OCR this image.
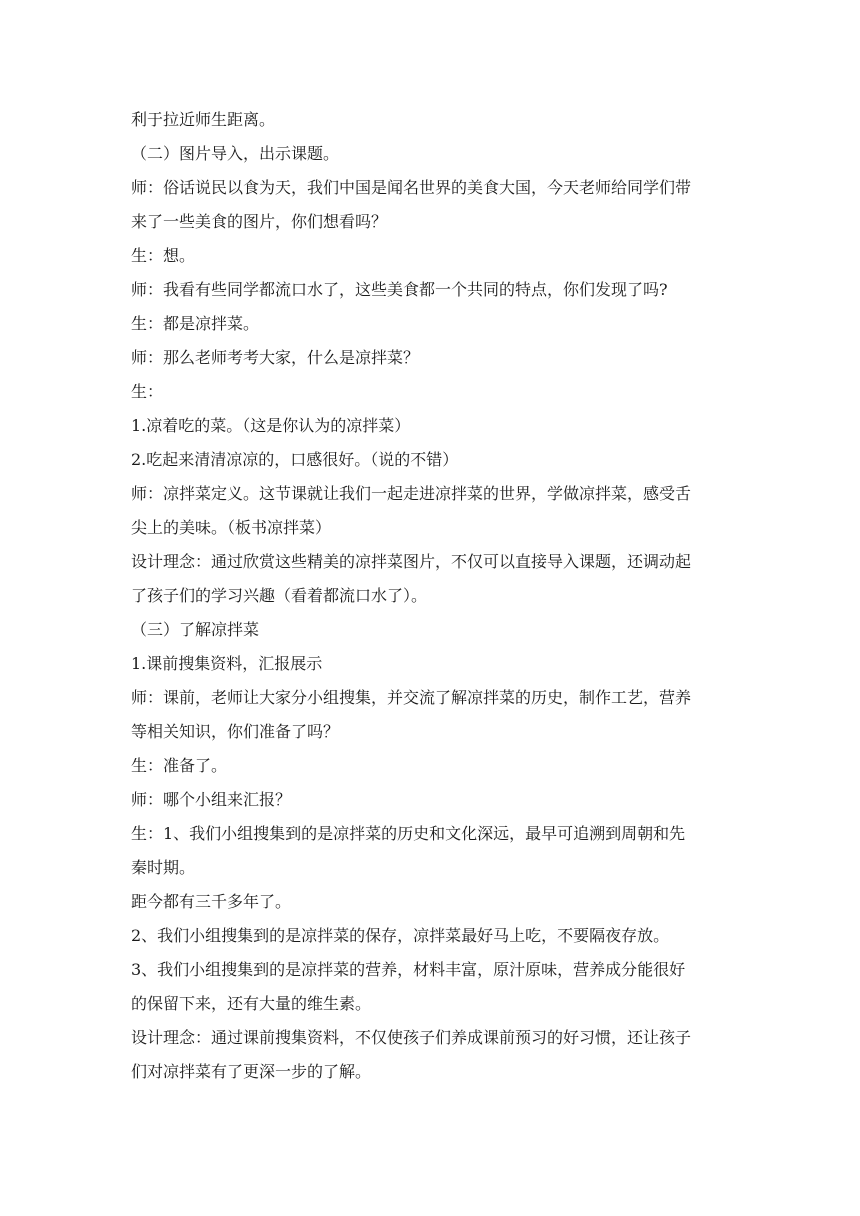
利于拉近师生距离。
（二）图片导入，出示课题。
师：俗话说民以食为天，我们中国是闻名世界的美食大国，今天老师给同学们带
来了一些美食的图片，你们想看吗？
生：想。
师：我看有些同学都流口水了，这些美食都一个共同的特点，你们发现了吗?
生：都是凉拌菜。
师：那么老师考考大家，什么是凉拌菜？
生：
1.凉着吃的菜。（这是你认为的凉拌菜）
2.吃起来清清凉凉的，口感很好。（说的不错）
师：凉拌菜定义。这节课就让我们一起走进凉拌菜的世界，学做凉拌菜，感受舌
尖上的美味。（板书凉拌菜）
设计理念：通过欣赏这些精美的凉拌菜图片，不仅可以直接导入课题，还调动起
了孩子们的学习兴趣（看着都流口水了）。
（三）了解凉拌菜
1.课前搜集资料，汇报展示
师：课前，老师让大家分小组搜集，并交流了解凉拌菜的历史，制作工艺，营养
等相关知识，你们准备了吗？
生：准备了。
师：哪个小组来汇报？
生：1、我们小组搜集到的是凉拌菜的历史和文化深远，最早可追溯到周朝和先
秦时期。
距今都有三千多年了。
2、我们小组搜集到的是凉拌菜的保存，凉拌菜最好马上吃，不要隔夜存放。
3、我们小组搜集到的是凉拌菜的营养，材料丰富，原汁原味，营养成分能很好
的保留下来，还有大量的维生素。
设计理念：通过课前搜集资料，不仅使孩子们养成课前预习的好习惯，还让孩子
们对凉拌菜有了更深一步的了解。
